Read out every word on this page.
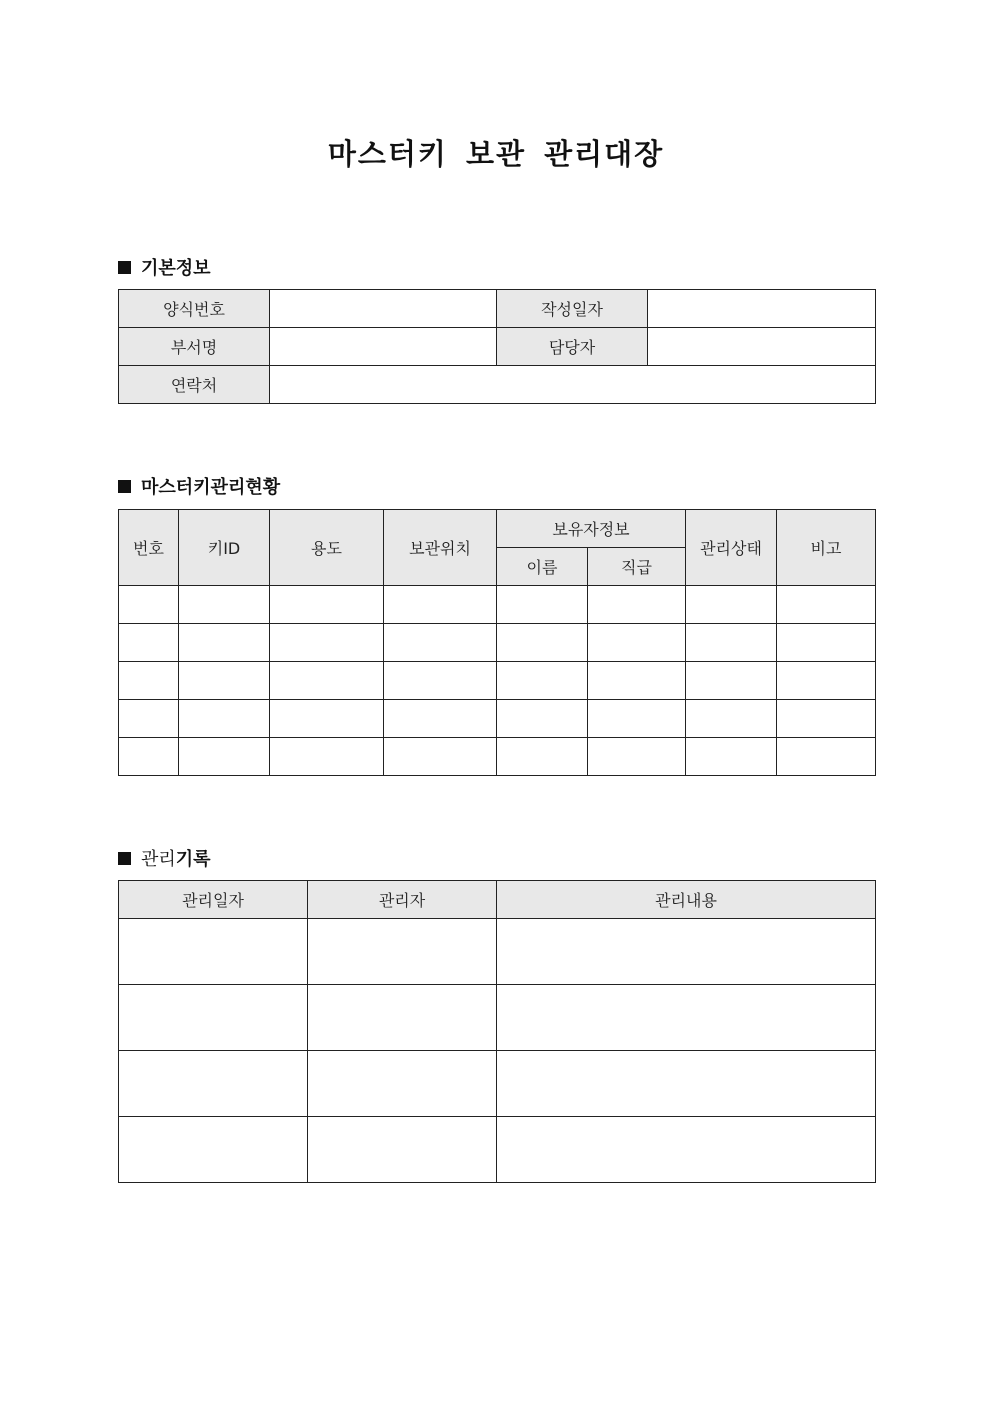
마스터키 보관 관리대장
기본정보
양식번호		작성일자	
부서명		담당자	
연락처			
마스터키관리현황
번호	키ID	용도	보관위치	보유자정보		관리상태	비고
				이름	직급		

관리기록
관리일자	관리자	관리내용
